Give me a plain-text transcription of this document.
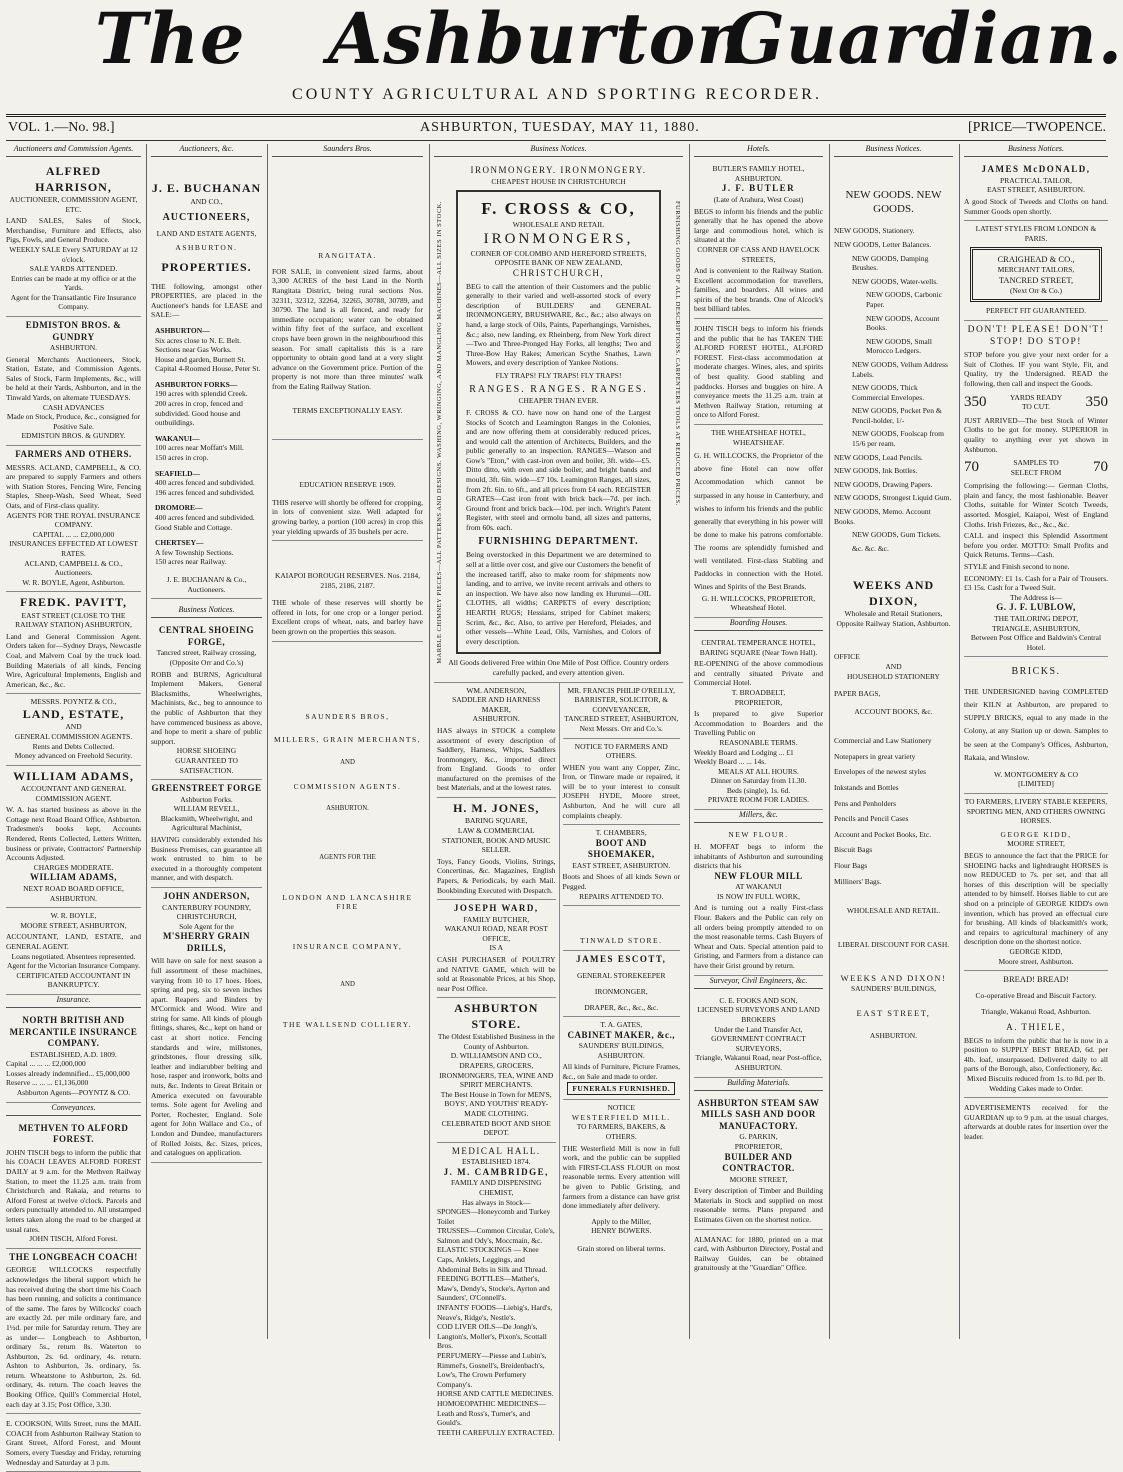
The Ashburton
Guardian.
COUNTY AGRICULTURAL AND SPORTING RECORDER.
VOL. 1.—No. 98.]	ASHBURTON, TUESDAY, MAY 11, 1880.	[PRICE—TWOPENCE.
Auctioneers and Commission Agents.
ALFRED HARRISON,
AUCTIONEER, COMMISSION AGENT, ETC.

LAND SALES, Sales of Stock, Merchandise, Furniture and Effects, also Pigs, Fowls, and General Produce.

WEEKLY SALE Every SATURDAY at 12 o'clock.
SALE YARDS ATTENDED.
Entries can be made at my office or at the Yards.
Agent for the Transatlantic Fire Insurance Company.
EDMISTON BROS. & GUNDRY
ASHBURTON.

General Merchants Auctioneers, Stock, Station, Estate, and Commission Agents. Sales of Stock, Farm Implements, &c., will be held at their Yards, Ashburton, and in the Tinwald Yards, on alternate TUESDAYS.

CASH ADVANCES
Made on Stock, Produce, &c., consigned for Positive Sale.
EDMISTON BROS. & GUNDRY.
FARMERS AND OTHERS.

MESSRS. ACLAND, CAMPBELL, & CO. are prepared to supply Farmers and others with Station Stores, Fencing Wire, Fencing Staples, Sheep-Wash, Seed Wheat, Seed Oats, and of First-class quality.

AGENTS FOR THE ROYAL INSURANCE COMPANY.
CAPITAL ... ... £2,000,000
INSURANCES EFFECTED AT LOWEST RATES.
ACLAND, CAMPBELL & CO., Auctioneers.
W. R. BOYLE, Agent, Ashburton.
FREDK. PAVITT,
EAST STREET (CLOSE TO THE RAILWAY STATION) ASHBURTON,

Land and General Commission Agent. Orders taken for—Sydney Drays, Newcastle Coal, and Malvern Coal by the truck load. Building Materials of all kinds, Fencing Wire, Agricultural Implements, English and American, &c., &c.

MESSRS. POYNTZ & CO.,
LAND, ESTATE,
AND
GENERAL COMMISSION AGENTS.
Rents and Debts Collected.
Money advanced on Freehold Security.
WILLIAM ADAMS,
ACCOUNTANT AND GENERAL COMMISSION AGENT.

W. A. has started business as above in the Cottage next Road Board Office, Ashburton. Tradesmen's books kept, Accounts Rendered, Rents Collected, Letters Written, business or private, Contractors' Partnership Accounts Adjusted.

CHARGES MODERATE.
WILLIAM ADAMS,
NEXT ROAD BOARD OFFICE, ASHBURTON.
W. R. BOYLE,
MOORE STREET, ASHBURTON,

ACCOUNTANT, LAND, ESTATE, and GENERAL AGENT.

Loans negotiated. Absentees represented.
Agent for the Victorian Insurance Company.
CERTIFICATED ACCOUNTANT IN BANKRUPTCY.
Insurance.
NORTH BRITISH AND MERCANTILE INSURANCE COMPANY.
ESTABLISHED, A.D. 1809.
Capital ... ... ... £2,000,000
Losses already indemnified... £5,000,000
Reserve ... ... ... £1,136,000
Ashburton Agents—POYNTZ & CO.
Conveyances.
METHVEN TO ALFORD FOREST.

JOHN TISCH begs to inform the public that his COACH LEAVES ALFORD FOREST DAILY at 9 a.m. for the Methven Railway Station, to meet the 11.25 a.m. train from Christchurch and Rakaia, and returns to Alford Forest at twelve o'clock. Parcels and orders punctually attended to. All unstamped letters taken along the road to be charged at usual rates.

JOHN TISCH, Alford Forest.
THE LONGBEACH COACH!

GEORGE WILLCOCKS respectfully acknowledges the liberal support which he has received during the short time his Coach has been running, and solicits a continuance of the same. The fares by Willcocks' coach are exactly 2d. per mile ordinary fare, and 1½d. per mile for Saturday return. They are as under— Longbeach to Ashburton, ordinary 5s., return 8s. Waterton to Ashburton, 2s. 6d. ordinary, 4s. return. Ashton to Ashburton, 3s. ordinary, 5s. return. Wheatstone to Ashburton, 2s. 6d. ordinary, 4s. return. The coach leaves the Booking Office, Quill's Commercial Hotel, each day at 3.15; Post Office, 3.30.

E. COOKSON, Wills Street, runs the MAIL COACH from Ashburton Railway Station to Grant Street, Alford Forest, and Mount Somers, every Tuesday and Friday, returning Wednesday and Saturday at 3 p.m.

Auctioneers, &c.
J. E. BUCHANAN
AND CO.,
AUCTIONEERS,
LAND AND ESTATE AGENTS,
ASHBURTON.
PROPERTIES.

THE following, amongst other PROPERTIES, are placed in the Auctioneer's hands for LEASE and SALE:—

ASHBURTON—
Six acres close to N. E. Belt. Sections near Gas Works.
House and garden, Burnett St.
Capital 4-Roomed House, Peter St.
ASHBURTON FORKS—
190 acres with splendid Creek.
200 acres in crop, fenced and subdivided. Good house and outbuildings.
WAKANUI—
100 acres near Moffatt's Mill.
150 acres in crop.
SEAFIELD—
400 acres fenced and subdivided.
196 acres fenced and subdivided.
DROMORE—
400 acres fenced and subdivided. Good Stable and Cottage.
CHERTSEY—
A few Township Sections.
150 acres near Railway.
J. E. BUCHANAN & Co., Auctioneers.
Business Notices.
CENTRAL SHOEING FORGE,
Tancred street, Railway crossing, (Opposite Orr and Co.'s)

ROBB and BURNS, Agricultural Implement Makers, General Blacksmiths, Wheelwrights, Machinists, &c., beg to announce to the public of Ashburton that they have commenced business as above, and hope to merit a share of public support.

HORSE SHOEING GUARANTEED TO SATISFACTION.
GREENSTREET FORGE
Ashburton Forks.
WILLIAM REVELL,
Blacksmith, Wheelwright, and Agricultural Machinist,

HAVING considerably extended his Business Premises, can guarantee all work entrusted to him to be executed in a thoroughly competent manner, and with despatch.

JOHN ANDERSON,
CANTERBURY FOUNDRY, CHRISTCHURCH,
Sole Agent for the
M'SHERRY GRAIN DRILLS,

Will have on sale for next season a full assortment of these machines, varying from 10 to 17 hoes. Hoes, spring and peg, six to seven inches apart. Reapers and Binders by M'Cormick and Wood. Wire and string for same. All kinds of plough fittings, shares, &c., kept on hand or cast at short notice. Fencing standards and wire, millstones, grindstones, flour dressing silk, leather and indiarubber belting and hose, rasper and ironwork, bolts and nuts, &c. Indents to Great Britain or America executed on favourable terms. Sole agent for Aveling and Porter, Rochester, England. Sole agent for John Wallace and Co., of London and Dundee, manufacturers of Rolled Joists, &c. Sizes, prices, and catalogues on application.

Saunders Bros.
RANGITATA.

FOR SALE, in convenient sized farms, about 3,300 ACRES of the best Land in the North Rangitata District, being rural sections Nos. 32311, 32312, 32264, 32265, 30788, 30789, and 30790. The land is all fenced, and ready for immediate occupation; water can be obtained within fifty feet of the surface, and excellent crops have been grown in the neighbourhood this season. For small capitalists this is a rare opportunity to obtain good land at a very slight advance on the Government price. Portion of the property is not more than three minutes' walk from the Ealing Railway Station.

TERMS EXCEPTIONALLY EASY.
EDUCATION RESERVE 1909.

THIS reserve will shortly be offered for cropping, in lots of convenient size. Well adapted for growing barley, a portion (100 acres) in crop this year yielding upwards of 35 bushels per acre.

KAIAPOI BOROUGH RESERVES. Nos. 2184, 2185, 2186, 2187.

THE whole of these reserves will shortly be offered in lots, for one crop or a longer period. Excellent crops of wheat, oats, and barley have been grown on the properties this season.

SAUNDERS BROS,
MILLERS, GRAIN MERCHANTS,
AND
COMMISSION AGENTS.
ASHBURTON.
AGENTS FOR THE
LONDON AND LANCASHIRE FIRE
INSURANCE COMPANY,
AND
THE WALLSEND COLLIERY.
Business Notices.
MARBLE CHIMNEY PIECES—ALL PATTERNS AND DESIGNS. WASHING, WRINGING, AND MANGLING MACHINES—ALL SIZES IN STOCK.	FURNISHING GOODS OF ALL DESCRIPTIONS. CARPENTERS TOOLS AT REDUCED PRICES.
IRONMONGERY. IRONMONGERY.
CHEAPEST HOUSE IN CHRISTCHURCH
F. CROSS & CO,
WHOLESALE AND RETAIL
IRONMONGERS,
CORNER OF COLOMBO AND HEREFORD STREETS, OPPOSITE BANK OF NEW ZEALAND,
CHRISTCHURCH,

BEG to call the attention of their Customers and the public generally to their varied and well-assorted stock of every description of BUILDERS' and GENERAL IRONMONGERY, BRUSHWARE, &c., &c.; also always on hand, a large stock of Oils, Paints, Paperhangings, Varnishes, &c.; also, new landing, ex Rheinberg, from New York direct—Two and Three-Pronged Hay Forks, all lengths; Two and Three-Bow Hay Rakes; American Scythe Snathes, Lawn Mowers, and every description of Yankee Notions.

FLY TRAPS! FLY TRAPS! FLY TRAPS!
RANGES. RANGES. RANGES.
CHEAPER THAN EVER.

F. CROSS & CO. have now on hand one of the Largest Stocks of Scotch and Leamington Ranges in the Colonies, and are now offering them at considerably reduced prices, and would call the attention of Architects, Builders, and the public generally to an inspection. RANGES—Watson and Gow's "Eton," with cast-iron oven and boiler, 3ft. wide—£5. Ditto ditto, with oven and side boiler, and bright bands and mould, 3ft. 6in. wide—£7 10s. Leamington Ranges, all sizes, from 2ft. 6in. to 6ft., and all prices from £4 each. REGISTER GRATES—Cast iron front with brick back—7d. per inch. Ground front and brick back—10d. per inch. Wright's Patent Register, with steel and ormolu band, all sizes and patterns, from 60s. each.

FURNISHING DEPARTMENT.

Being overstocked in this Department we are determined to sell at a little over cost, and give our Customers the benefit of the increased tariff, also to make room for shipments now landing, and to arrive, we invite recent arrivals and others to an inspection. We have also now landing ex Hurunui—OIL CLOTHS, all widths; CARPETS of every description; HEARTH RUGS; Hessians, striped for Cabinet makers; Scrim, &c., &c. Also, to arrive per Hereford, Pleiades, and other vessels—White Lead, Oils, Varnishes, and Colors of every description.

All Goods delivered Free within One Mile of Post Office. Country orders carefully packed, and every attention given.
WM. ANDERSON,
SADDLER AND HARNESS MAKER,
ASHBURTON.

HAS always in STOCK a complete assortment of every description of Saddlery, Harness, Whips, Saddlers Ironmongery, &c., imported direct from England. Goods to order manufactured on the premises of the best Materials, and at the lowest rates.

H. M. JONES,
BARING SQUARE,
LAW & COMMERCIAL STATIONER, BOOK AND MUSIC SELLER.

Toys, Fancy Goods, Violins, Strings, Concertinas, &c. Magazines, English Papers, & Periodicals, by each Mail. Bookbinding Executed with Despatch.

JOSEPH WARD,
FAMILY BUTCHER,
WAKANUI ROAD, NEAR POST OFFICE,
IS A

CASH PURCHASER of POULTRY and NATIVE GAME, which will be sold at Reasonable Prices, at his Shop, near Post Office.

ASHBURTON STORE.
The Oldest Established Business in the County of Ashburton.
D. WILLIAMSON AND CO.,
DRAPERS, GROCERS, IRONMONGERS, TEA, WINE AND SPIRIT MERCHANTS.
The Best House in Town for MEN'S, BOYS', AND YOUTHS' READY-MADE CLOTHING.
CELEBRATED BOOT AND SHOE DEPOT.
MEDICAL HALL.
ESTABLISHED 1874.
J. M. CAMBRIDGE,
FAMILY AND DISPENSING CHEMIST,
Has always in Stock—
SPONGES—Honeycomb and Turkey Toilet
TRUSSES—Common Circular, Cole's, Salmon and Ody's, Moccmain, &c.
ELASTIC STOCKINGS — Knee Caps, Anklets, Leggings, and Abdominal Belts in Silk and Thread.
FEEDING BOTTLES—Mather's, Maw's, Dendy's, Stocke's, Ayrton and Saunders', O'Connell's.
INFANTS' FOODS—Liebig's, Hard's, Neave's, Ridge's, Nestle's.
COD LIVER OILS—De Jongh's, Langton's, Moller's, Pixon's, Scottall Bros.
PERFUMERY—Piesse and Lubin's, Rimmel's, Gosnell's, Breidenbach's, Low's, The Crown Perfumery Company's.
HORSE AND CATTLE MEDICINES.
HOMOEOPATHIC MEDICINES—Leath and Ross's, Turner's, and Gould's.
TEETH CAREFULLY EXTRACTED.
MR. FRANCIS PHILIP O'REILLY,
BARRISTER, SOLICITOR, & CONVEYANCER,
TANCRED STREET, ASHBURTON,
Next Messrs. Orr and Co.'s.
NOTICE TO FARMERS AND OTHERS.

WHEN you want any Copper, Zinc, Iron, or Tinware made or repaired, it will be to your interest to consult JOSEPH HYDE, Moore street, Ashburton, And he will cure all complaints cheaply.

T. CHAMBERS,
BOOT AND SHOEMAKER,
EAST STREET, ASHBURTON.

Boots and Shoes of all kinds Sewn or Pegged.

REPAIRS ATTENDED TO.
TINWALD STORE.
JAMES ESCOTT,
GENERAL STOREKEEPER
IRONMONGER,
DRAPER, &c., &c., &c.
T. A. GATES,
CABINET MAKER, &c.,
SAUNDERS' BUILDINGS, ASHBURTON.

All kinds of Furniture, Picture Frames, &c., on Sale and made to order.

FUNERALS FURNISHED.
NOTICE
WESTERFIELD MILL.
TO FARMERS, BAKERS, & OTHERS.

THE Westerfield Mill is now in full work, and the public can be supplied with FIRST-CLASS FLOUR on most reasonable terms. Every attention will be given to Public Gristing, and farmers from a distance can have grist done immediately after delivery.

Apply to the Miller,
HENRY BOWERS.
Grain stored on liberal terms.
Hotels.
BUTLER'S FAMILY HOTEL,
ASHBURTON.
J. F. BUTLER
(Late of Arahura, West Coast)

BEGS to inform his friends and the public generally that he has opened the above large and commodious hotel, which is situated at the

CORNER OF CASS AND HAVELOCK STREETS,

And is convenient to the Railway Station. Excellent accommodation for travellers, families, and boarders. All wines and spirits of the best brands. One of Alcock's best billiard tables.

JOHN TISCH begs to inform his friends and the public that he has TAKEN THE ALFORD FOREST HOTEL, ALFORD FOREST. First-class accommodation at moderate charges. Wines, ales, and spirits of best quality. Good stabling and paddocks. Horses and buggies on hire. A conveyance meets the 11.25 a.m. train at Methven Railway Station, returning at once to Alford Forest.

THE WHEATSHEAF HOTEL,
WHEATSHEAF.

G. H. WILLCOCKS, the Proprietor of the above fine Hotel can now offer Accommodation which cannot be surpassed in any house in Canterbury, and wishes to inform his friends and the public generally that everything in his power will be done to make his patrons comfortable. The rooms are splendidly furnished and well ventilated. First-class Stabling and Paddocks in connection with the Hotel. Wines and Spirits of the Best Brands.

G. H. WILLCOCKS, PROPRIETOR,
Wheatsheaf Hotel.
Boarding Houses.
CENTRAL TEMPERANCE HOTEL,
BARING SQUARE (Near Town Hall).

RE-OPENING of the above commodious and centrally situated Private and Commercial Hotel.

T. BROADBELT,
PROPRIETOR,

Is prepared to give Superior Accommodation to Boarders and the Travelling Public on

REASONABLE TERMS.
Weekly Board and Lodging ... £1
Weekly Board ... ... 14s.
MEALS AT ALL HOURS.
Dinner on Saturday from 11.30.
Beds (single), 1s. 6d.
PRIVATE ROOM FOR LADIES.
Millers, &c.
NEW FLOUR.

H. MOFFAT begs to inform the inhabitants of Ashburton and surrounding districts that his

NEW FLOUR MILL
AT WAKANUI
IS NOW IN FULL WORK,

And is turning out a really First-class Flour. Bakers and the Public can rely on all orders being promptly attended to on the most reasonable terms. Cash Buyers of Wheat and Oats. Special attention paid to Gristing, and Farmers from a distance can have their Grist ground by return.

Surveyor, Civil Engineers, &c.
C. E. FOOKS AND SON,
LICENSED SURVEYORS AND LAND BROKERS
Under the Land Transfer Act,
GOVERNMENT CONTRACT SURVEYORS,
Triangle, Wakanui Road, near Post-office, ASHBURTON.
Building Materials.
ASHBURTON STEAM SAW MILLS SASH AND DOOR MANUFACTORY.
G. PARKIN,
PROPRIETOR,
BUILDER AND CONTRACTOR.
MOORE STREET,

Every description of Timber and Building Materials in Stock and supplied on most reasonable terms. Plans prepared and Estimates Given on the shortest notice.

ALMANAC for 1880, printed on a mat card, with Ashburton Directory, Postal and Railway Guides, can be obtained gratuitously at the "Guardian" Office.

Business Notices.
NEW GOODS. NEW GOODS.
NEW GOODS, Stationery.
NEW GOODS, Letter Balances.
NEW GOODS, Damping Brushes.
NEW GOODS, Water-wells.
NEW GOODS, Carbonic Paper.
NEW GOODS, Account Books.
NEW GOODS, Small Morocco Ledgers.
NEW GOODS, Vellum Address Labels.
NEW GOODS, Thick Commercial Envelopes.
NEW GOODS, Pocket Pen & Pencil-holder, 1/-
NEW GOODS, Foolscap from 15/6 per ream.
NEW GOODS, Lead Pencils.
NEW GOODS, Ink Bottles.
NEW GOODS, Drawing Papers.
NEW GOODS, Strongest Liquid Gum.
NEW GOODS, Memo. Account Books.
NEW GOODS, Gum Tickets.
&c. &c. &c.
WEEKS AND DIXON,
Wholesale and Retail Stationers,
Opposite Railway Station, Ashburton.
OFFICE
AND
HOUSEHOLD STATIONERY
PAPER BAGS,
ACCOUNT BOOKS, &c.
Commercial and Law Stationery
Notepapers in great variety
Envelopes of the newest styles
Inkstands and Bottles
Pens and Penholders
Pencils and Pencil Cases
Account and Pocket Books, Etc.
Biscuit Bags
Flour Bags
Milliners' Bags.
WHOLESALE AND RETAIL.
LIBERAL DISCOUNT FOR CASH.
WEEKS AND DIXON!
SAUNDERS' BUILDINGS,
EAST STREET,
ASHBURTON.
Business Notices.
JAMES McDONALD,
PRACTICAL TAILOR,
EAST STREET, ASHBURTON.

A good Stock of Tweeds and Cloths on hand. Summer Goods open shortly.

LATEST STYLES FROM LONDON & PARIS.
CRAIGHEAD & CO.,
MERCHANT TAILORS,
TANCRED STREET,
(Next Orr & Co.)
PERFECT FIT GUARANTEED.
DON'T! PLEASE! DON'T!
STOP! DO STOP!

STOP before you give your next order for a Suit of Clothes. IF you want Style, Fit, and Quality, try the Undersigned. READ the following, then call and inspect the Goods.

350	YARDS READY TO CUT.	350

JUST ARRIVED—The best Stock of Winter Cloths to be got for money. SUPERIOR in quality to anything ever yet shown in Ashburton.

70	SAMPLES TO SELECT FROM	70

Comprising the following:— German Cloths, plain and fancy, the most fashionable. Beaver Cloths, suitable for Winter Scotch Tweeds, assorted. Mosgiel, Kaiapoi, West of England Cloths. Irish Friezes, &c., &c., &c.

CALL and inspect this Splendid Assortment before you order. MOTTO: Small Profits and Quick Returns. Terms—Cash.

STYLE and Finish second to none.

ECONOMY: £1 1s. Cash for a Pair of Trousers. £3 15s. Cash for a Tweed Suit.

The Address is—
G. J. F. LUBLOW,
THE TAILORING DEPOT,
TRIANGLE, ASHBURTON,
Between Post Office and Baldwin's Central Hotel.
BRICKS.

THE UNDERSIGNED having COMPLETED their KILN at Ashburton, are prepared to SUPPLY BRICKS, equal to any made in the Colony, at any Station up or down. Samples to be seen at the Company's Offices, Ashburton, Rakaia, and Winslow.

W. MONTGOMERY & CO
[LIMITED]
TO FARMERS, LIVERY STABLE KEEPERS, SPORTING MEN, AND OTHERS OWNING HORSES.
GEORGE KIDD,
MOORE STREET,

BEGS to announce the fact that the PRICE for SHOEING hacks and lightdraught HORSES is now REDUCED to 7s. per set, and that all horses of this description will be specially attended to by himself. Horses liable to cut are shod on a principle of GEORGE KIDD's own invention, which has proved an effectual cure for brushing. All kinds of blacksmith's work, and repairs to agricultural machinery of any description done on the shortest notice.

GEORGE KIDD,
Moore street, Ashburton.
BREAD! BREAD!
Co-operative Bread and Biscuit Factory.
Triangle, Wakanui Road, Ashburton.
A. THIELE,

BEGS to inform the public that he is now in a position to SUPPLY BEST BREAD, 6d. per 4lb. loaf, unsurpassed. Delivered daily to all parts of the Borough, also, Confectionery, &c.

Mixed Biscuits reduced from 1s. to 8d. per lb.
Wedding Cakes made to Order.

ADVERTISEMENTS received for the GUARDIAN up to 9 p.m. at the usual charges, afterwards at double rates for insertion over the leader.
